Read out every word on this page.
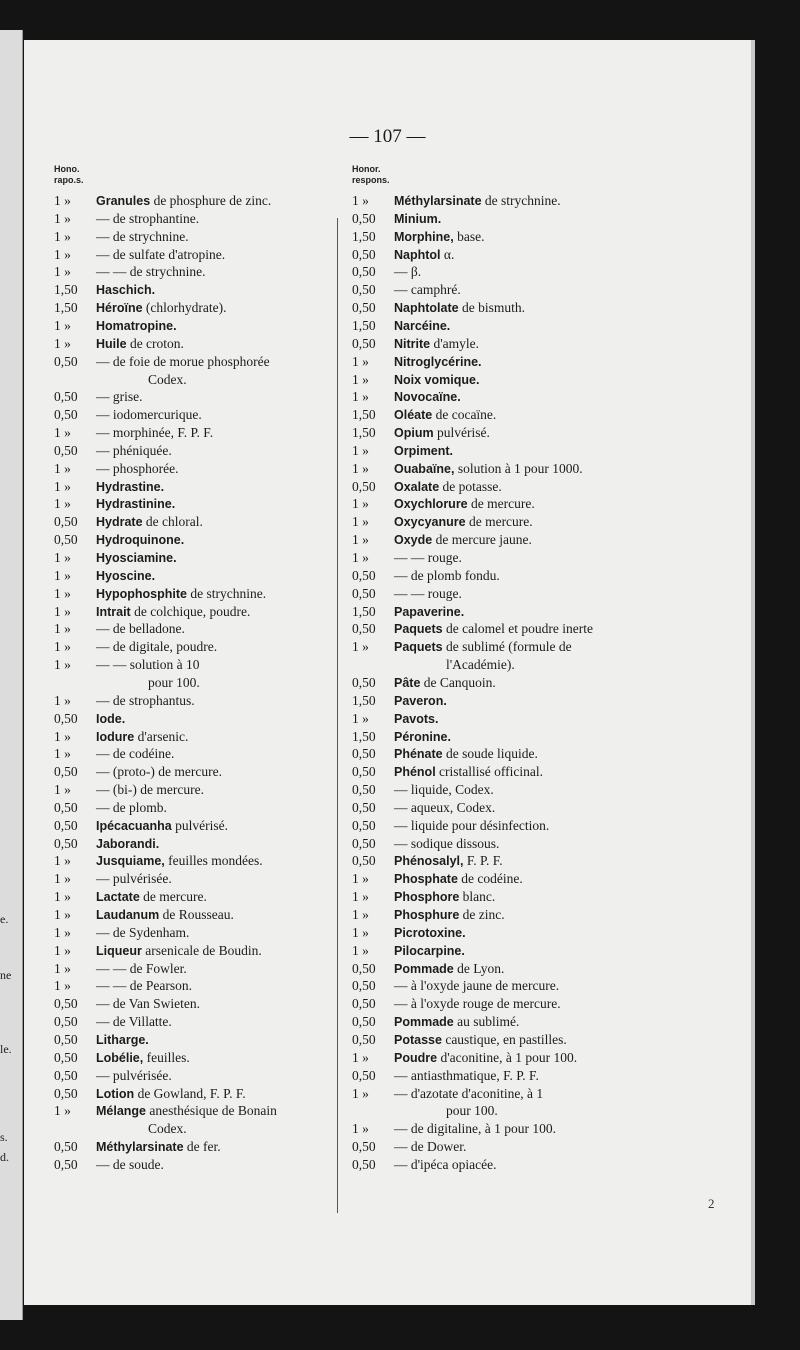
e.
ne
le.
s.
d.
— 107 —
Hono.
rapo.s.
Honor.
respons.
1 »	Granules de phosphure de zinc.
1 »	— de strophantine.
1 »	— de strychnine.
1 »	— de sulfate d'atropine.
1 »	— — de strychnine.
1,50	Haschich.
1,50	Héroïne (chlorhydrate).
1 »	Homatropine.
1 »	Huile de croton.
0,50	— de foie de morue phosphorée
Codex.
0,50	— grise.
0,50	— iodomercurique.
1 »	— morphinée, F. P. F.
0,50	— phéniquée.
1 »	— phosphorée.
1 »	Hydrastine.
1 »	Hydrastinine.
0,50	Hydrate de chloral.
0,50	Hydroquinone.
1 »	Hyosciamine.
1 »	Hyoscine.
1 »	Hypophosphite de strychnine.
1 »	Intrait de colchique, poudre.
1 »	— de belladone.
1 »	— de digitale, poudre.
1 »	— — solution à 10
pour 100.
1 »	— de strophantus.
0,50	Iode.
1 »	Iodure d'arsenic.
1 »	— de codéine.
0,50	— (proto-) de mercure.
1 »	— (bi-) de mercure.
0,50	— de plomb.
0,50	Ipécacuanha pulvérisé.
0,50	Jaborandi.
1 »	Jusquiame, feuilles mondées.
1 »	— pulvérisée.
1 »	Lactate de mercure.
1 »	Laudanum de Rousseau.
1 »	— de Sydenham.
1 »	Liqueur arsenicale de Boudin.
1 »	— — de Fowler.
1 »	— — de Pearson.
0,50	— de Van Swieten.
0,50	— de Villatte.
0,50	Litharge.
0,50	Lobélie, feuilles.
0,50	— pulvérisée.
0,50	Lotion de Gowland, F. P. F.
1 »	Mélange anesthésique de Bonain
Codex.
0,50	Méthylarsinate de fer.
0,50	— de soude.
1 »	Méthylarsinate de strychnine.
0,50	Minium.
1,50	Morphine, base.
0,50	Naphtol α.
0,50	— β.
0,50	— camphré.
0,50	Naphtolate de bismuth.
1,50	Narcéine.
0,50	Nitrite d'amyle.
1 »	Nitroglycérine.
1 »	Noix vomique.
1 »	Novocaïne.
1,50	Oléate de cocaïne.
1,50	Opium pulvérisé.
1 »	Orpiment.
1 »	Ouabaïne, solution à 1 pour 1000.
0,50	Oxalate de potasse.
1 »	Oxychlorure de mercure.
1 »	Oxycyanure de mercure.
1 »	Oxyde de mercure jaune.
1 »	— — rouge.
0,50	— de plomb fondu.
0,50	— — rouge.
1,50	Papaverine.
0,50	Paquets de calomel et poudre inerte
1 »	Paquets de sublimé (formule de
l'Académie).
0,50	Pâte de Canquoin.
1,50	Paveron.
1 »	Pavots.
1,50	Péronine.
0,50	Phénate de soude liquide.
0,50	Phénol cristallisé officinal.
0,50	— liquide, Codex.
0,50	— aqueux, Codex.
0,50	— liquide pour désinfection.
0,50	— sodique dissous.
0,50	Phénosalyl, F. P. F.
1 »	Phosphate de codéine.
1 »	Phosphore blanc.
1 »	Phosphure de zinc.
1 »	Picrotoxine.
1 »	Pilocarpine.
0,50	Pommade de Lyon.
0,50	— à l'oxyde jaune de mercure.
0,50	— à l'oxyde rouge de mercure.
0,50	Pommade au sublimé.
0,50	Potasse caustique, en pastilles.
1 »	Poudre d'aconitine, à 1 pour 100.
0,50	— antiasthmatique, F. P. F.
1 »	— d'azotate d'aconitine, à 1
pour 100.
1 »	— de digitaline, à 1 pour 100.
0,50	— de Dower.
0,50	— d'ipéca opiacée.
2
